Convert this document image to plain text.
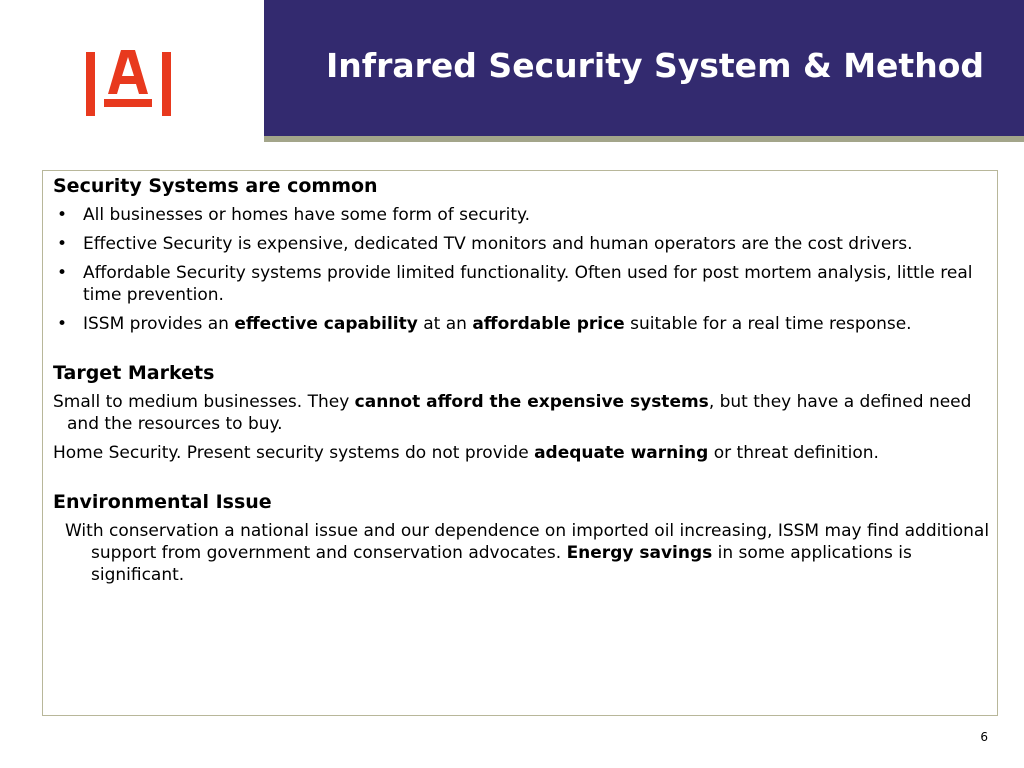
Infrared Security System & Method
Security Systems are common
• All businesses or homes have some form of security.
• Effective Security is expensive, dedicated TV monitors and human operators are the cost drivers.
• Affordable Security systems provide limited functionality. Often used for post mortem analysis, little real time prevention.
• ISSM provides an effective capability at an affordable price suitable for a real time response.
Target Markets

Small to medium businesses. They cannot afford the expensive systems, but they have a defined need and the resources to buy.

Home Security. Present security systems do not provide adequate warning or threat definition.

Environmental Issue

With conservation a national issue and our dependence on imported oil increasing, ISSM may find additional support from government and conservation advocates. Energy savings in some applications is significant.

6
